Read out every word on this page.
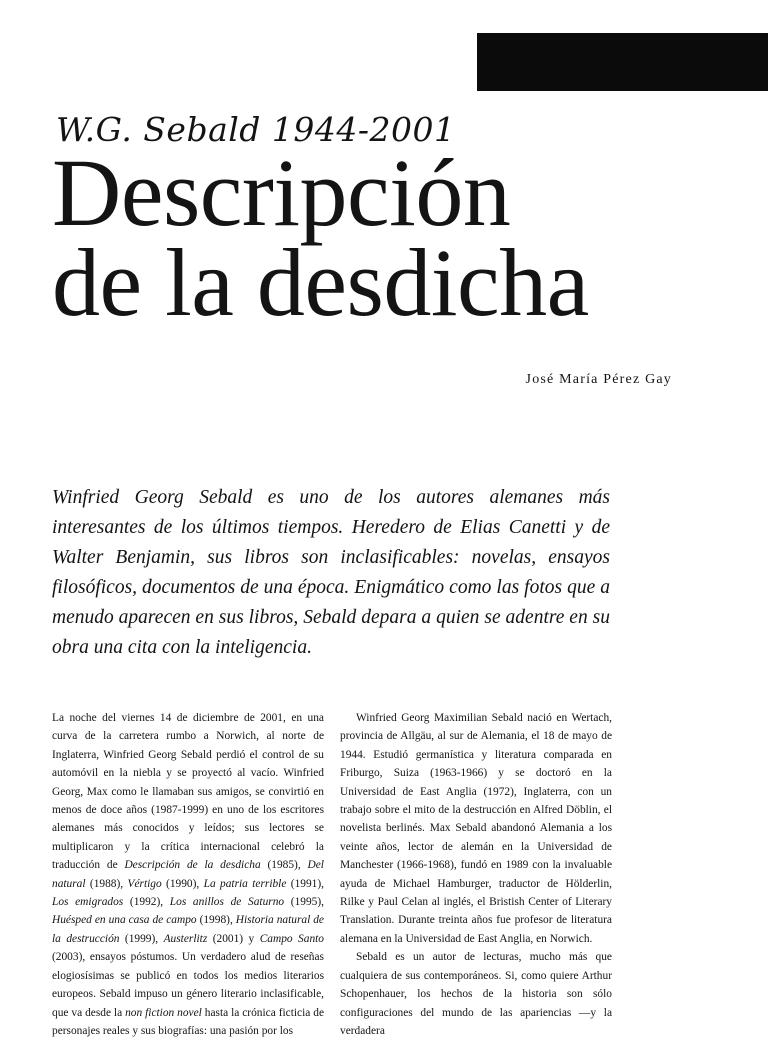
W.G. Sebald 1944-2001
Descripción
de la desdicha
José María Pérez Gay
Winfried Georg Sebald es uno de los autores alemanes más interesantes de los últimos tiempos. Heredero de Elias Canetti y de Walter Benjamin, sus libros son inclasificables: novelas, ensayos filosóficos, documentos de una época. Enigmático como las fotos que a menudo aparecen en sus libros, Sebald depara a quien se adentre en su obra una cita con la inteligencia.

La noche del viernes 14 de diciembre de 2001, en una curva de la carretera rumbo a Norwich, al norte de Inglaterra, Winfried Georg Sebald perdió el control de su automóvil en la niebla y se proyectó al vacío. Winfried Georg, Max como le llamaban sus amigos, se convirtió en menos de doce años (1987-1999) en uno de los escritores alemanes más conocidos y leídos; sus lectores se multiplicaron y la crítica internacional celebró la traducción de Descripción de la desdicha (1985), Del natural (1988), Vértigo (1990), La patria terrible (1991), Los emigrados (1992), Los anillos de Saturno (1995), Huésped en una casa de campo (1998), Historia natural de la destrucción (1999), Austerlitz (2001) y Campo Santo (2003), ensayos póstumos. Un verdadero alud de reseñas elogiosísimas se publicó en todos los medios literarios europeos. Sebald impuso un género literario inclasificable, que va desde la non fiction novel hasta la crónica ficticia de personajes reales y sus biografías: una pasión por los

Winfried Georg Maximilian Sebald nació en Wertach, provincia de Allgäu, al sur de Alemania, el 18 de mayo de 1944. Estudió germanística y literatura comparada en Friburgo, Suiza (1963-1966) y se doctoró en la Universidad de East Anglia (1972), Inglaterra, con un trabajo sobre el mito de la destrucción en Alfred Döblin, el novelista berlinés. Max Sebald abandonó Alemania a los veinte años, lector de alemán en la Universidad de Manchester (1966-1968), fundó en 1989 con la invaluable ayuda de Michael Hamburger, traductor de Hölderlin, Rilke y Paul Celan al inglés, el Bristish Center of Literary Translation. Durante treinta años fue profesor de literatura alemana en la Universidad de East Anglia, en Norwich.

Sebald es un autor de lecturas, mucho más que cualquiera de sus contemporáneos. Si, como quiere Arthur Schopenhauer, los hechos de la historia son sólo configuraciones del mundo de las apariencias —y la verdadera
